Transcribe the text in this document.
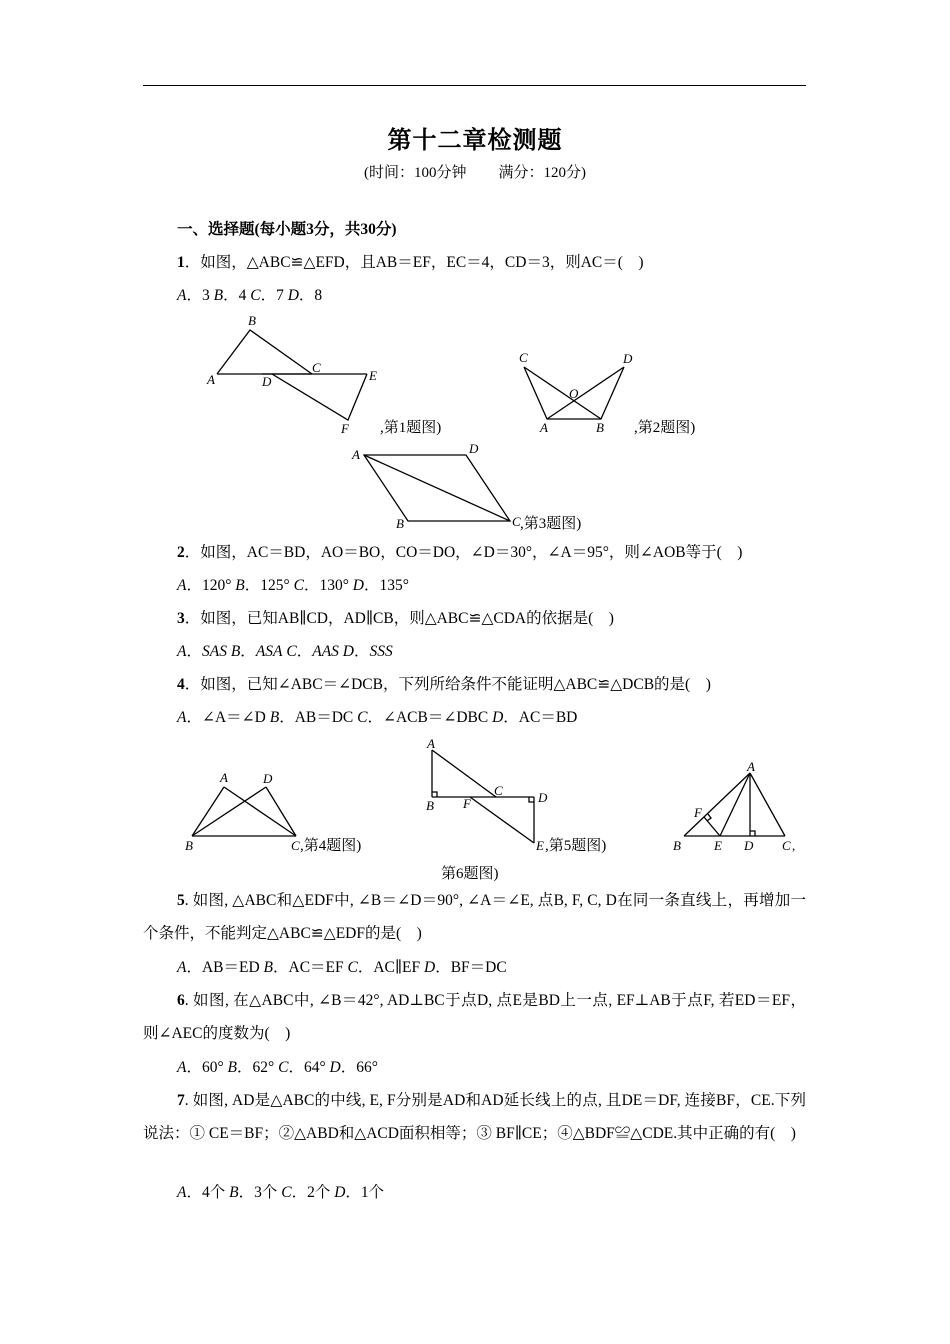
第十二章检测题
(时间：100分钟 满分：120分)
一、选择题(每小题3分，共30分)
1．如图，△ABC≌△EFD，且AB＝EF，EC＝4，CD＝3，则AC＝(　)
A．3 B．4 C．7 D．8
B
A	D
C
E
F ,第1题图)
C	D
O
A	B ,第2题图)
A	D
B	C ,第3题图)
2．如图，AC＝BD，AO＝BO，CO＝DO，∠D＝30°，∠A＝95°，则∠AOB等于(　)
A．120° B．125° C．130° D．135°
3．如图，已知AB∥CD，AD∥CB，则△ABC≌△CDA的依据是(　)
A．SAS B．ASA C．AAS D．SSS
4．如图，已知∠ABC＝∠DCB，下列所给条件不能证明△ABC≌△DCB的是(　)
A．∠A＝∠D B．AB＝DC C．∠ACB＝∠DBC D．AC＝BD
A	D
B	C ,第4题图)
A
B
C	D
F
E ,第5题图)
A
F
B	E D C ,
第6题图)
5. 如图, △ABC和△EDF中, ∠B＝∠D＝90°, ∠A＝∠E, 点B, F, C, D在同一条直线上，再增加一个条件，不能判定△ABC≌△EDF的是(　)
A．AB＝ED B．AC＝EF C．AC∥EF D．BF＝DC
6. 如图, 在△ABC中, ∠B＝42°, AD⊥BC于点D, 点E是BD上一点, EF⊥AB于点F, 若ED＝EF，则∠AEC的度数为(　)
A．60° B．62° C．64° D．66°
7. 如图, AD是△ABC的中线, E, F分别是AD和AD延长线上的点, 且DE＝DF, 连接BF，CE.下列说法：① CE＝BF；②△ABD和△ACD面积相等；③ BF∥CE；④△BDF≌△CDE.其中正确的有(　)
A．4个 B．3个 C．2个 D．1个
